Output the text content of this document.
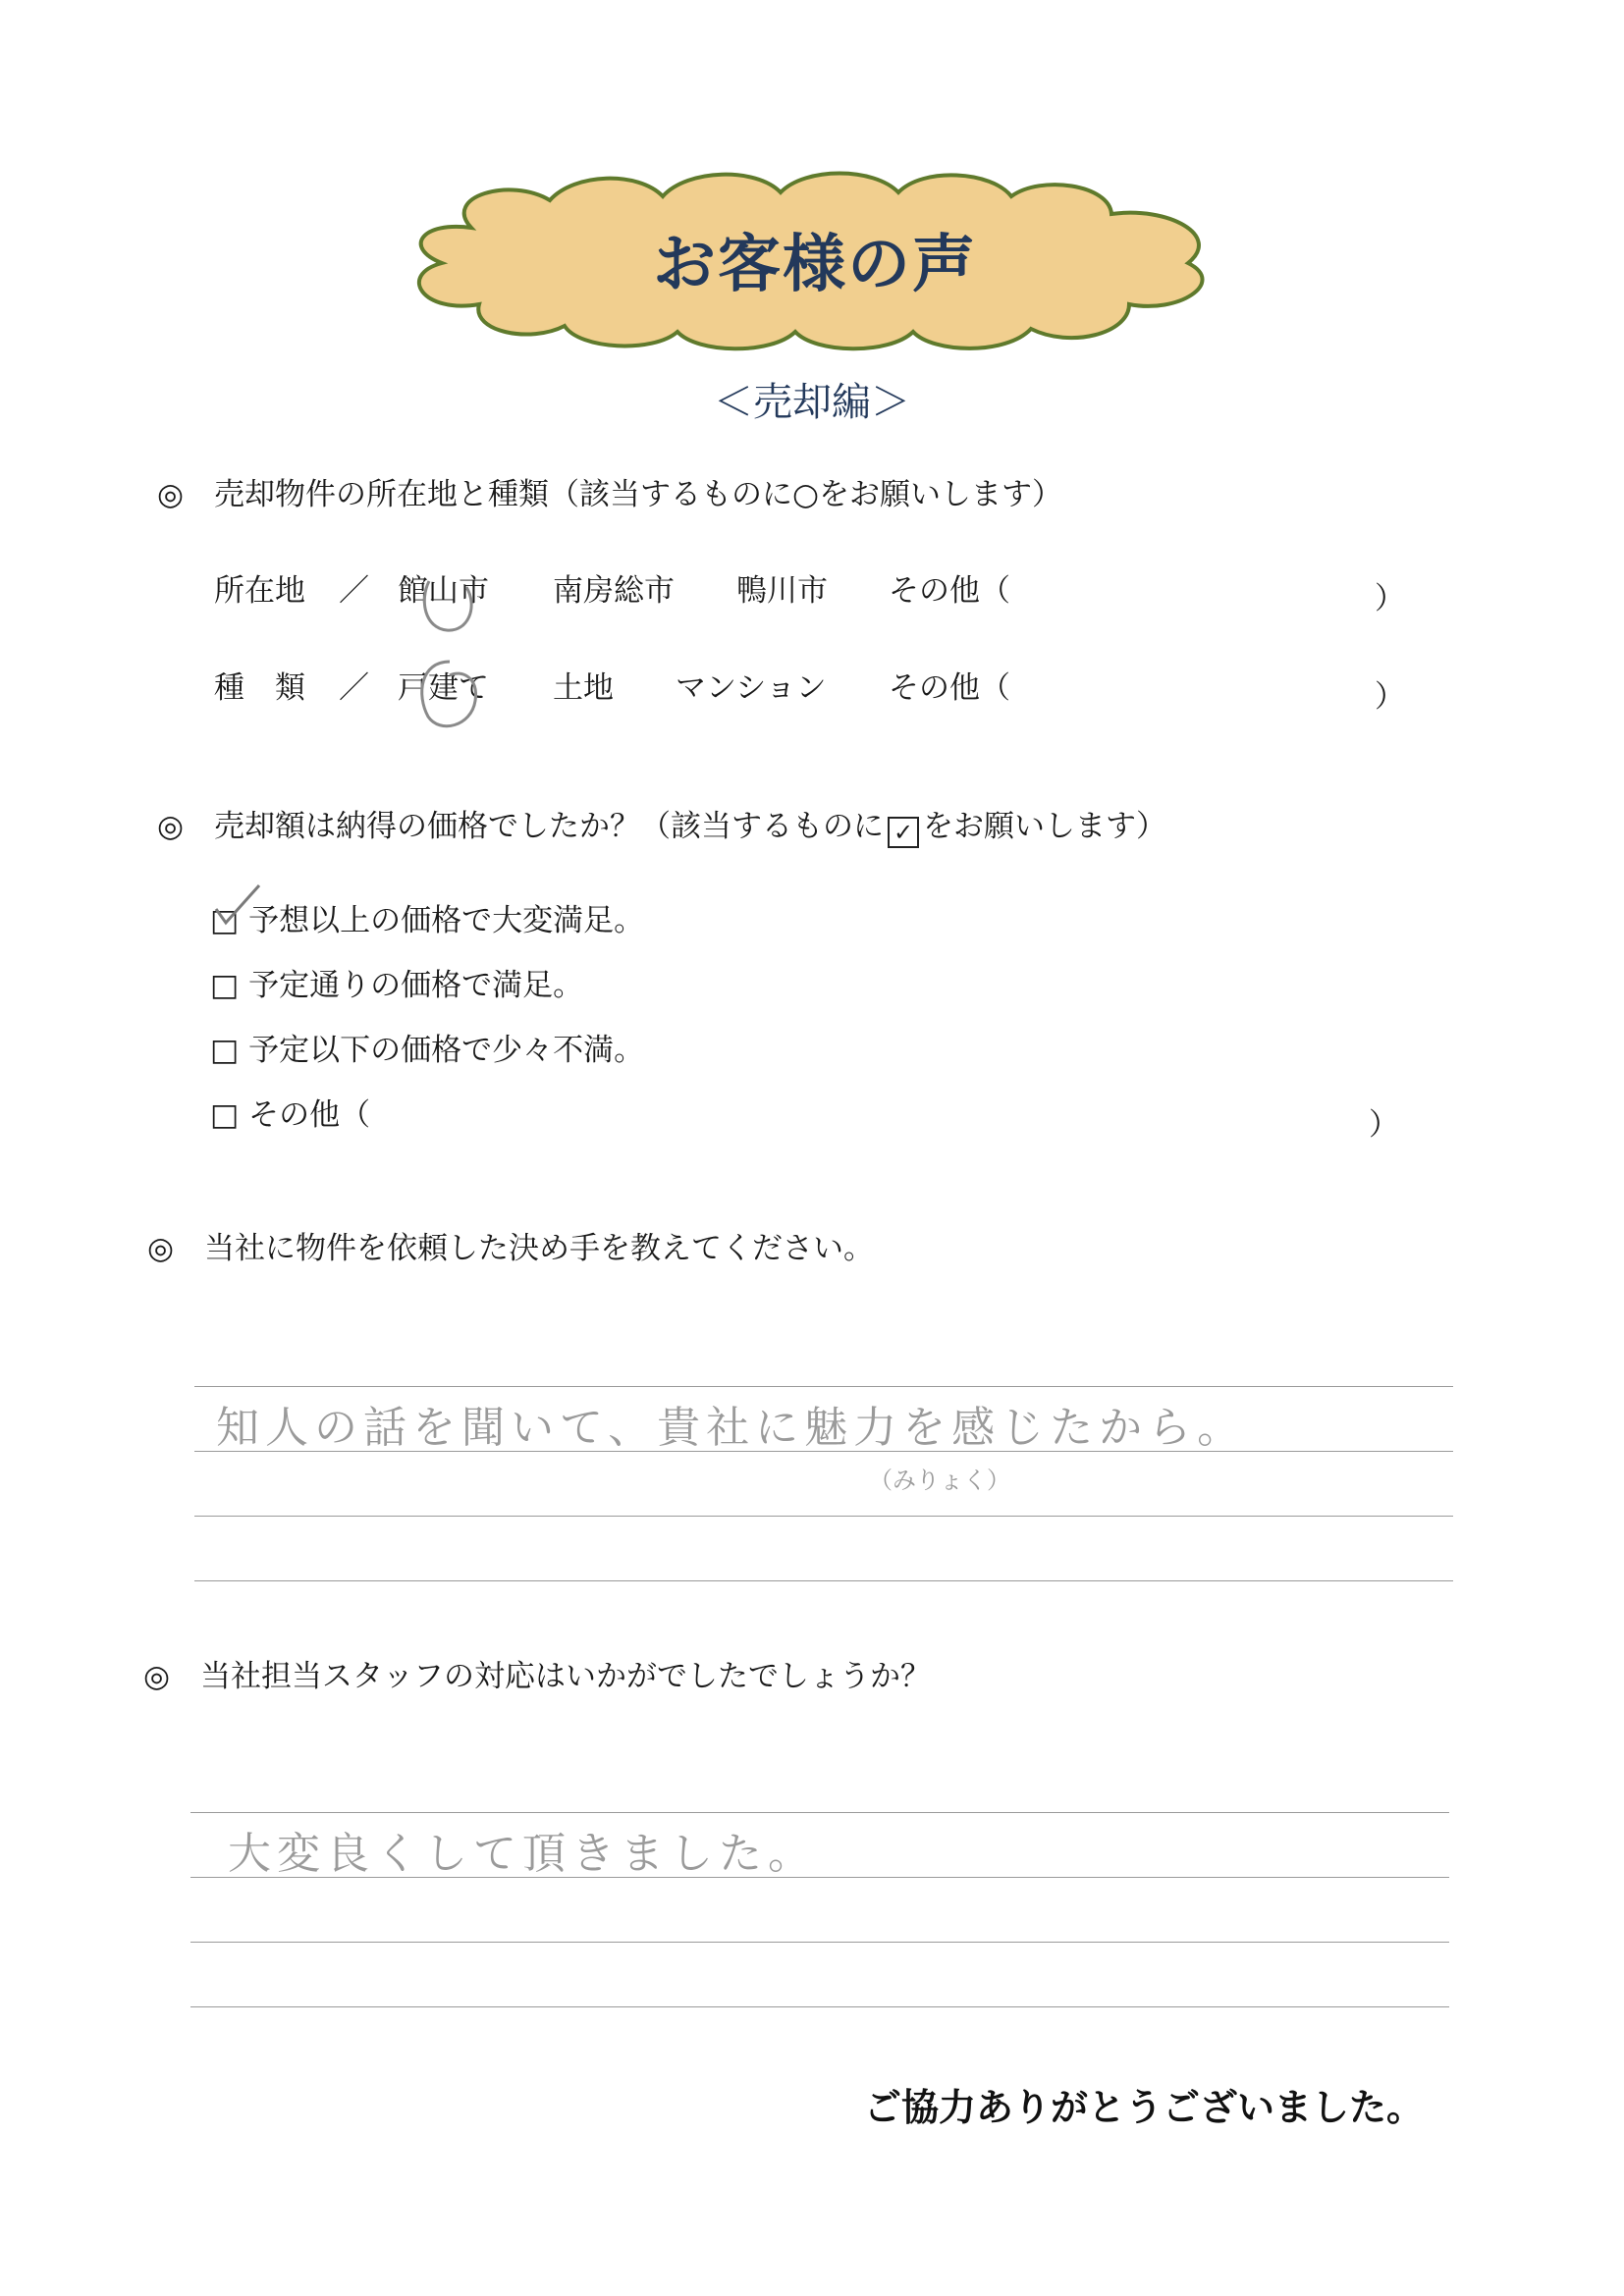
お客様の声
＜売却編＞
◎ 売却物件の所在地と種類（該当するものに○をお願いします）
所在地 ／ 館山市 南房総市 鴨川市 その他（	）
種　類 ／ 戸建て 土地 マンション その他（	）
◎ 売却額は納得の価格でしたか？（該当するものに ✓ をお願いします）
□ 予想以上の価格で大変満足。
□ 予定通りの価格で満足。
□ 予定以下の価格で少々不満。
□ その他（	）
◎ 当社に物件を依頼した決め手を教えてください。
知人の話を聞いて、貴社に魅力を感じたから。
（みりょく）
◎ 当社担当スタッフの対応はいかがでしたでしょうか？
大変良くして頂きました。
ご協力ありがとうございました。
